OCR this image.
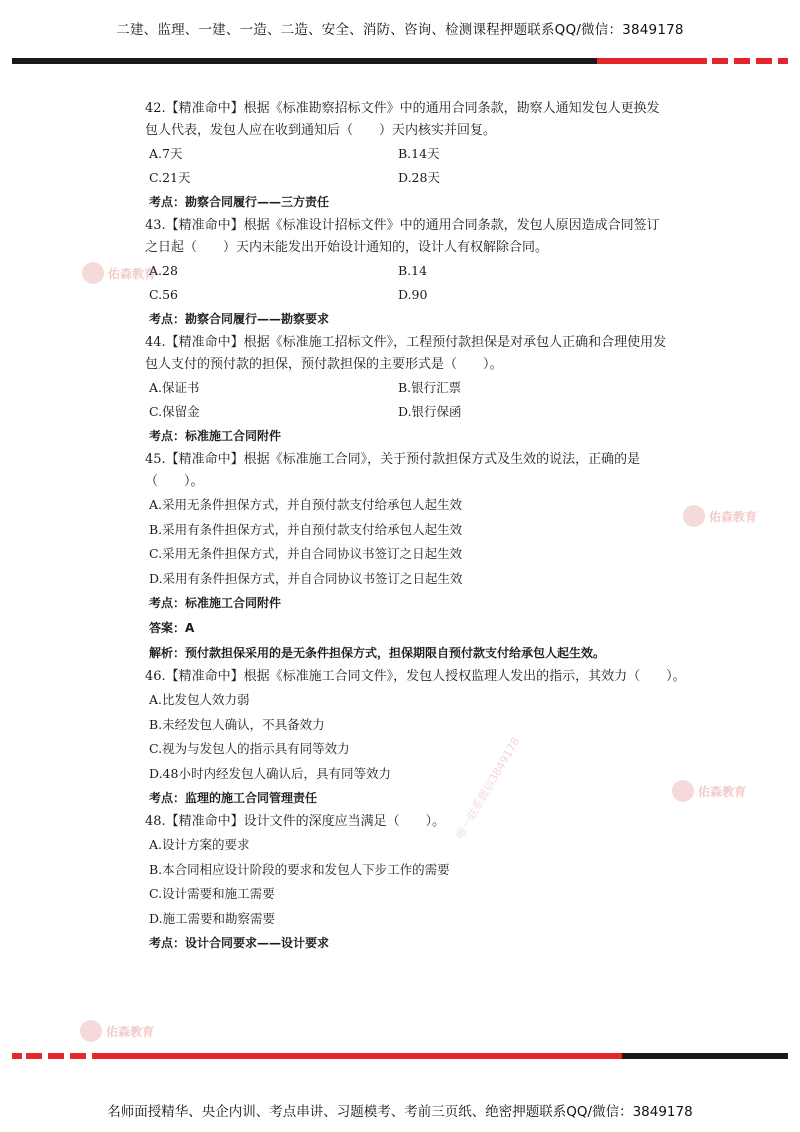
二建、监理、一建、一造、二造、安全、消防、咨询、检测课程押题联系QQ/微信：3849178
佑森教育
佑森教育
佑森教育
佑森教育
唯一联系微信3849178

42.【精准命中】根据《标准勘察招标文件》中的通用合同条款，勘察人通知发包人更换发

包人代表，发包人应在收到通知后（　　）天内核实并回复。

A.7天	B.14天
C.21天	D.28天
考点：勘察合同履行——三方责任

43.【精准命中】根据《标准设计招标文件》中的通用合同条款，发包人原因造成合同签订

之日起（　　）天内未能发出开始设计通知的，设计人有权解除合同。

A.28	B.14
C.56	D.90
考点：勘察合同履行——勘察要求

44.【精准命中】根据《标准施工招标文件》，工程预付款担保是对承包人正确和合理使用发

包人支付的预付款的担保，预付款担保的主要形式是（　　）。

A.保证书	B.银行汇票
C.保留金	D.银行保函
考点：标准施工合同附件

45.【精准命中】根据《标准施工合同》，关于预付款担保方式及生效的说法，正确的是（　　）。

A.采用无条件担保方式，并自预付款支付给承包人起生效
B.采用有条件担保方式，并自预付款支付给承包人起生效
C.采用无条件担保方式，并自合同协议书签订之日起生效
D.采用有条件担保方式，并自合同协议书签订之日起生效
考点：标准施工合同附件
答案：A
解析：预付款担保采用的是无条件担保方式，担保期限自预付款支付给承包人起生效。

46.【精准命中】根据《标准施工合同文件》，发包人授权监理人发出的指示，其效力（　　）。

A.比发包人效力弱
B.未经发包人确认，不具备效力
C.视为与发包人的指示具有同等效力
D.48小时内经发包人确认后，具有同等效力
考点：监理的施工合同管理责任

48.【精准命中】设计文件的深度应当满足（　　）。

A.设计方案的要求
B.本合同相应设计阶段的要求和发包人下步工作的需要
C.设计需要和施工需要
D.施工需要和勘察需要
考点：设计合同要求——设计要求
名师面授精华、央企内训、考点串讲、习题模考、考前三页纸、绝密押题联系QQ/微信：3849178
